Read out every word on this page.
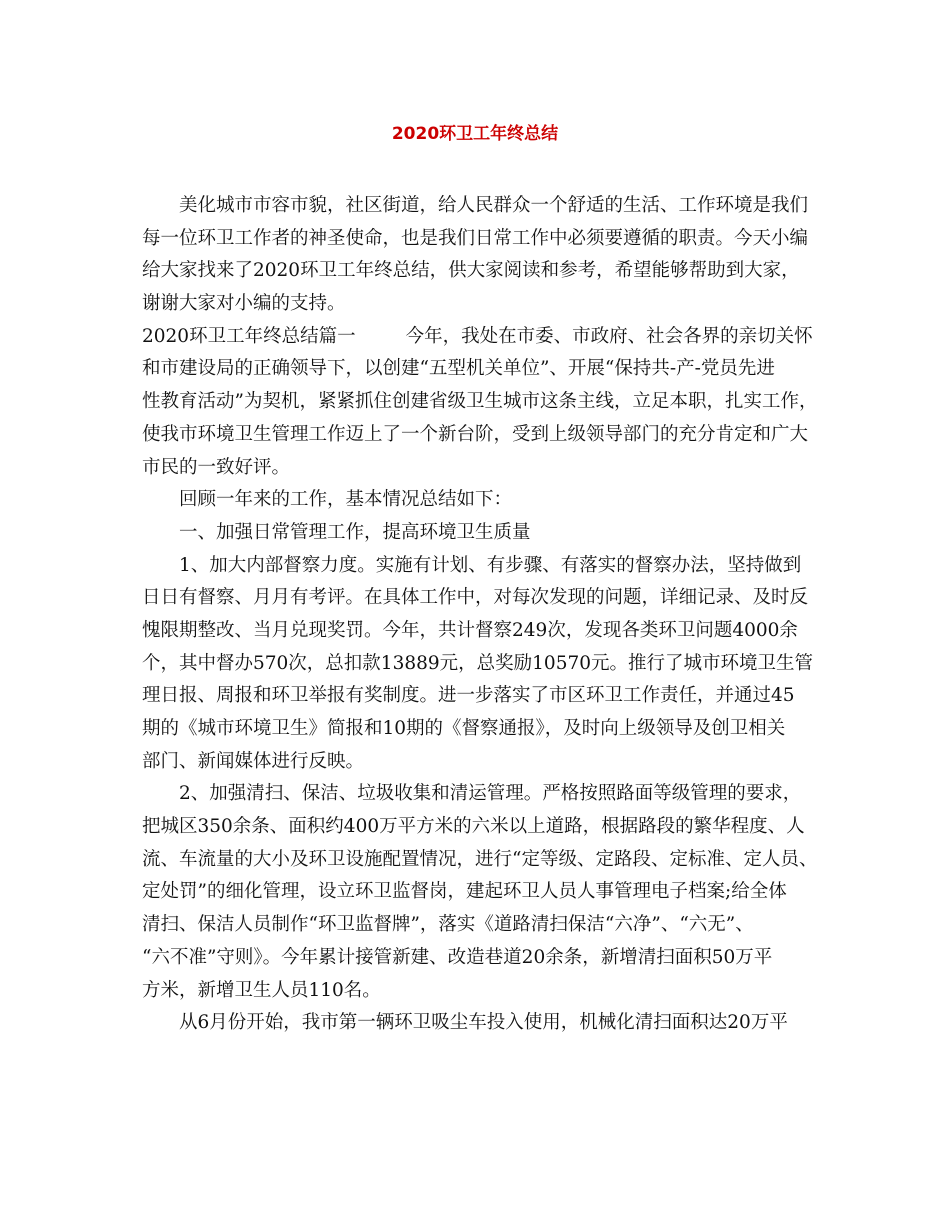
2020环卫工年终总结
美化城市市容市貌，社区街道，给人民群众一个舒适的生活、工作环境是我们
每一位环卫工作者的神圣使命，也是我们日常工作中必须要遵循的职责。今天小编
给大家找来了2020环卫工年终总结，供大家阅读和参考，希望能够帮助到大家，
谢谢大家对小编的支持。
2020环卫工年终总结篇一	今年，我处在市委、市政府、社会各界的亲切关怀
和市建设局的正确领导下，以创建“五型机关单位”、开展“保持共-产-党员先进
性教育活动”为契机，紧紧抓住创建省级卫生城市这条主线，立足本职，扎实工作，
使我市环境卫生管理工作迈上了一个新台阶，受到上级领导部门的充分肯定和广大
市民的一致好评。
回顾一年来的工作，基本情况总结如下：
一、加强日常管理工作，提高环境卫生质量
1、加大内部督察力度。实施有计划、有步骤、有落实的督察办法，坚持做到
日日有督察、月月有考评。在具体工作中，对每次发现的问题，详细记录、及时反
愧限期整改、当月兑现奖罚。今年，共计督察249次，发现各类环卫问题4000余
个，其中督办570次，总扣款13889元，总奖励10570元。推行了城市环境卫生管
理日报、周报和环卫举报有奖制度。进一步落实了市区环卫工作责任，并通过45
期的《城市环境卫生》简报和10期的《督察通报》，及时向上级领导及创卫相关
部门、新闻媒体进行反映。
2、加强清扫、保洁、垃圾收集和清运管理。严格按照路面等级管理的要求，
把城区350余条、面积约400万平方米的六米以上道路，根据路段的繁华程度、人
流、车流量的大小及环卫设施配置情况，进行“定等级、定路段、定标准、定人员、
定处罚”的细化管理，设立环卫监督岗，建起环卫人员人事管理电子档案;给全体
清扫、保洁人员制作“环卫监督牌”，落实《道路清扫保洁“六净”、“六无”、
“六不准”守则》。今年累计接管新建、改造巷道20余条，新增清扫面积50万平
方米，新增卫生人员110名。
从6月份开始，我市第一辆环卫吸尘车投入使用，机械化清扫面积达20万平
